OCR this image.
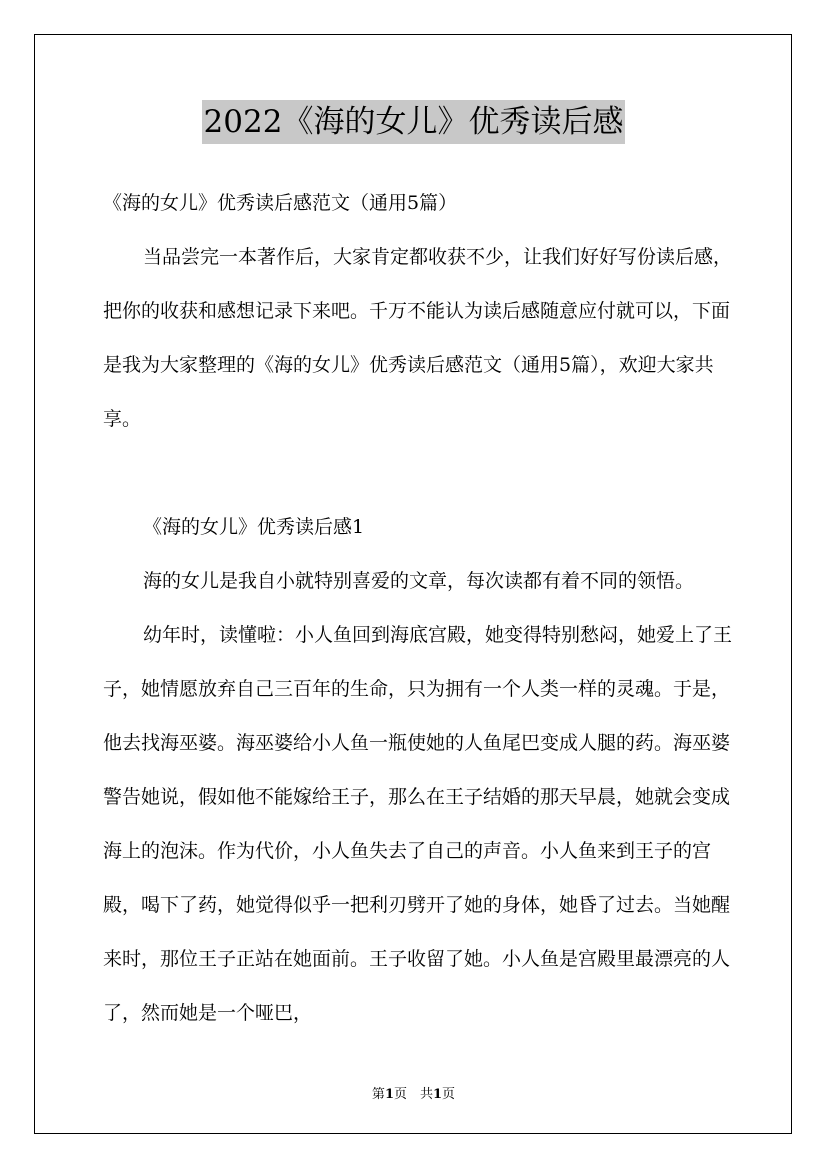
2022《海的女儿》优秀读后感

《海的女儿》优秀读后感范文（通用5篇）

当品尝完一本著作后，大家肯定都收获不少，让我们好好写份读后感，把你的收获和感想记录下来吧。千万不能认为读后感随意应付就可以，下面是我为大家整理的《海的女儿》优秀读后感范文（通用5篇），欢迎大家共享。

《海的女儿》优秀读后感1

海的女儿是我自小就特别喜爱的文章，每次读都有着不同的领悟。

幼年时，读懂啦：小人鱼回到海底宫殿，她变得特别愁闷，她爱上了王子，她情愿放弃自己三百年的生命，只为拥有一个人类一样的灵魂。于是，他去找海巫婆。海巫婆给小人鱼一瓶使她的人鱼尾巴变成人腿的药。海巫婆警告她说，假如他不能嫁给王子，那么在王子结婚的那天早晨，她就会变成海上的泡沫。作为代价，小人鱼失去了自己的声音。小人鱼来到王子的宫殿，喝下了药，她觉得似乎一把利刃劈开了她的身体，她昏了过去。当她醒来时，那位王子正站在她面前。王子收留了她。小人鱼是宫殿里最漂亮的人了，然而她是一个哑巴，

第1页　共1页
